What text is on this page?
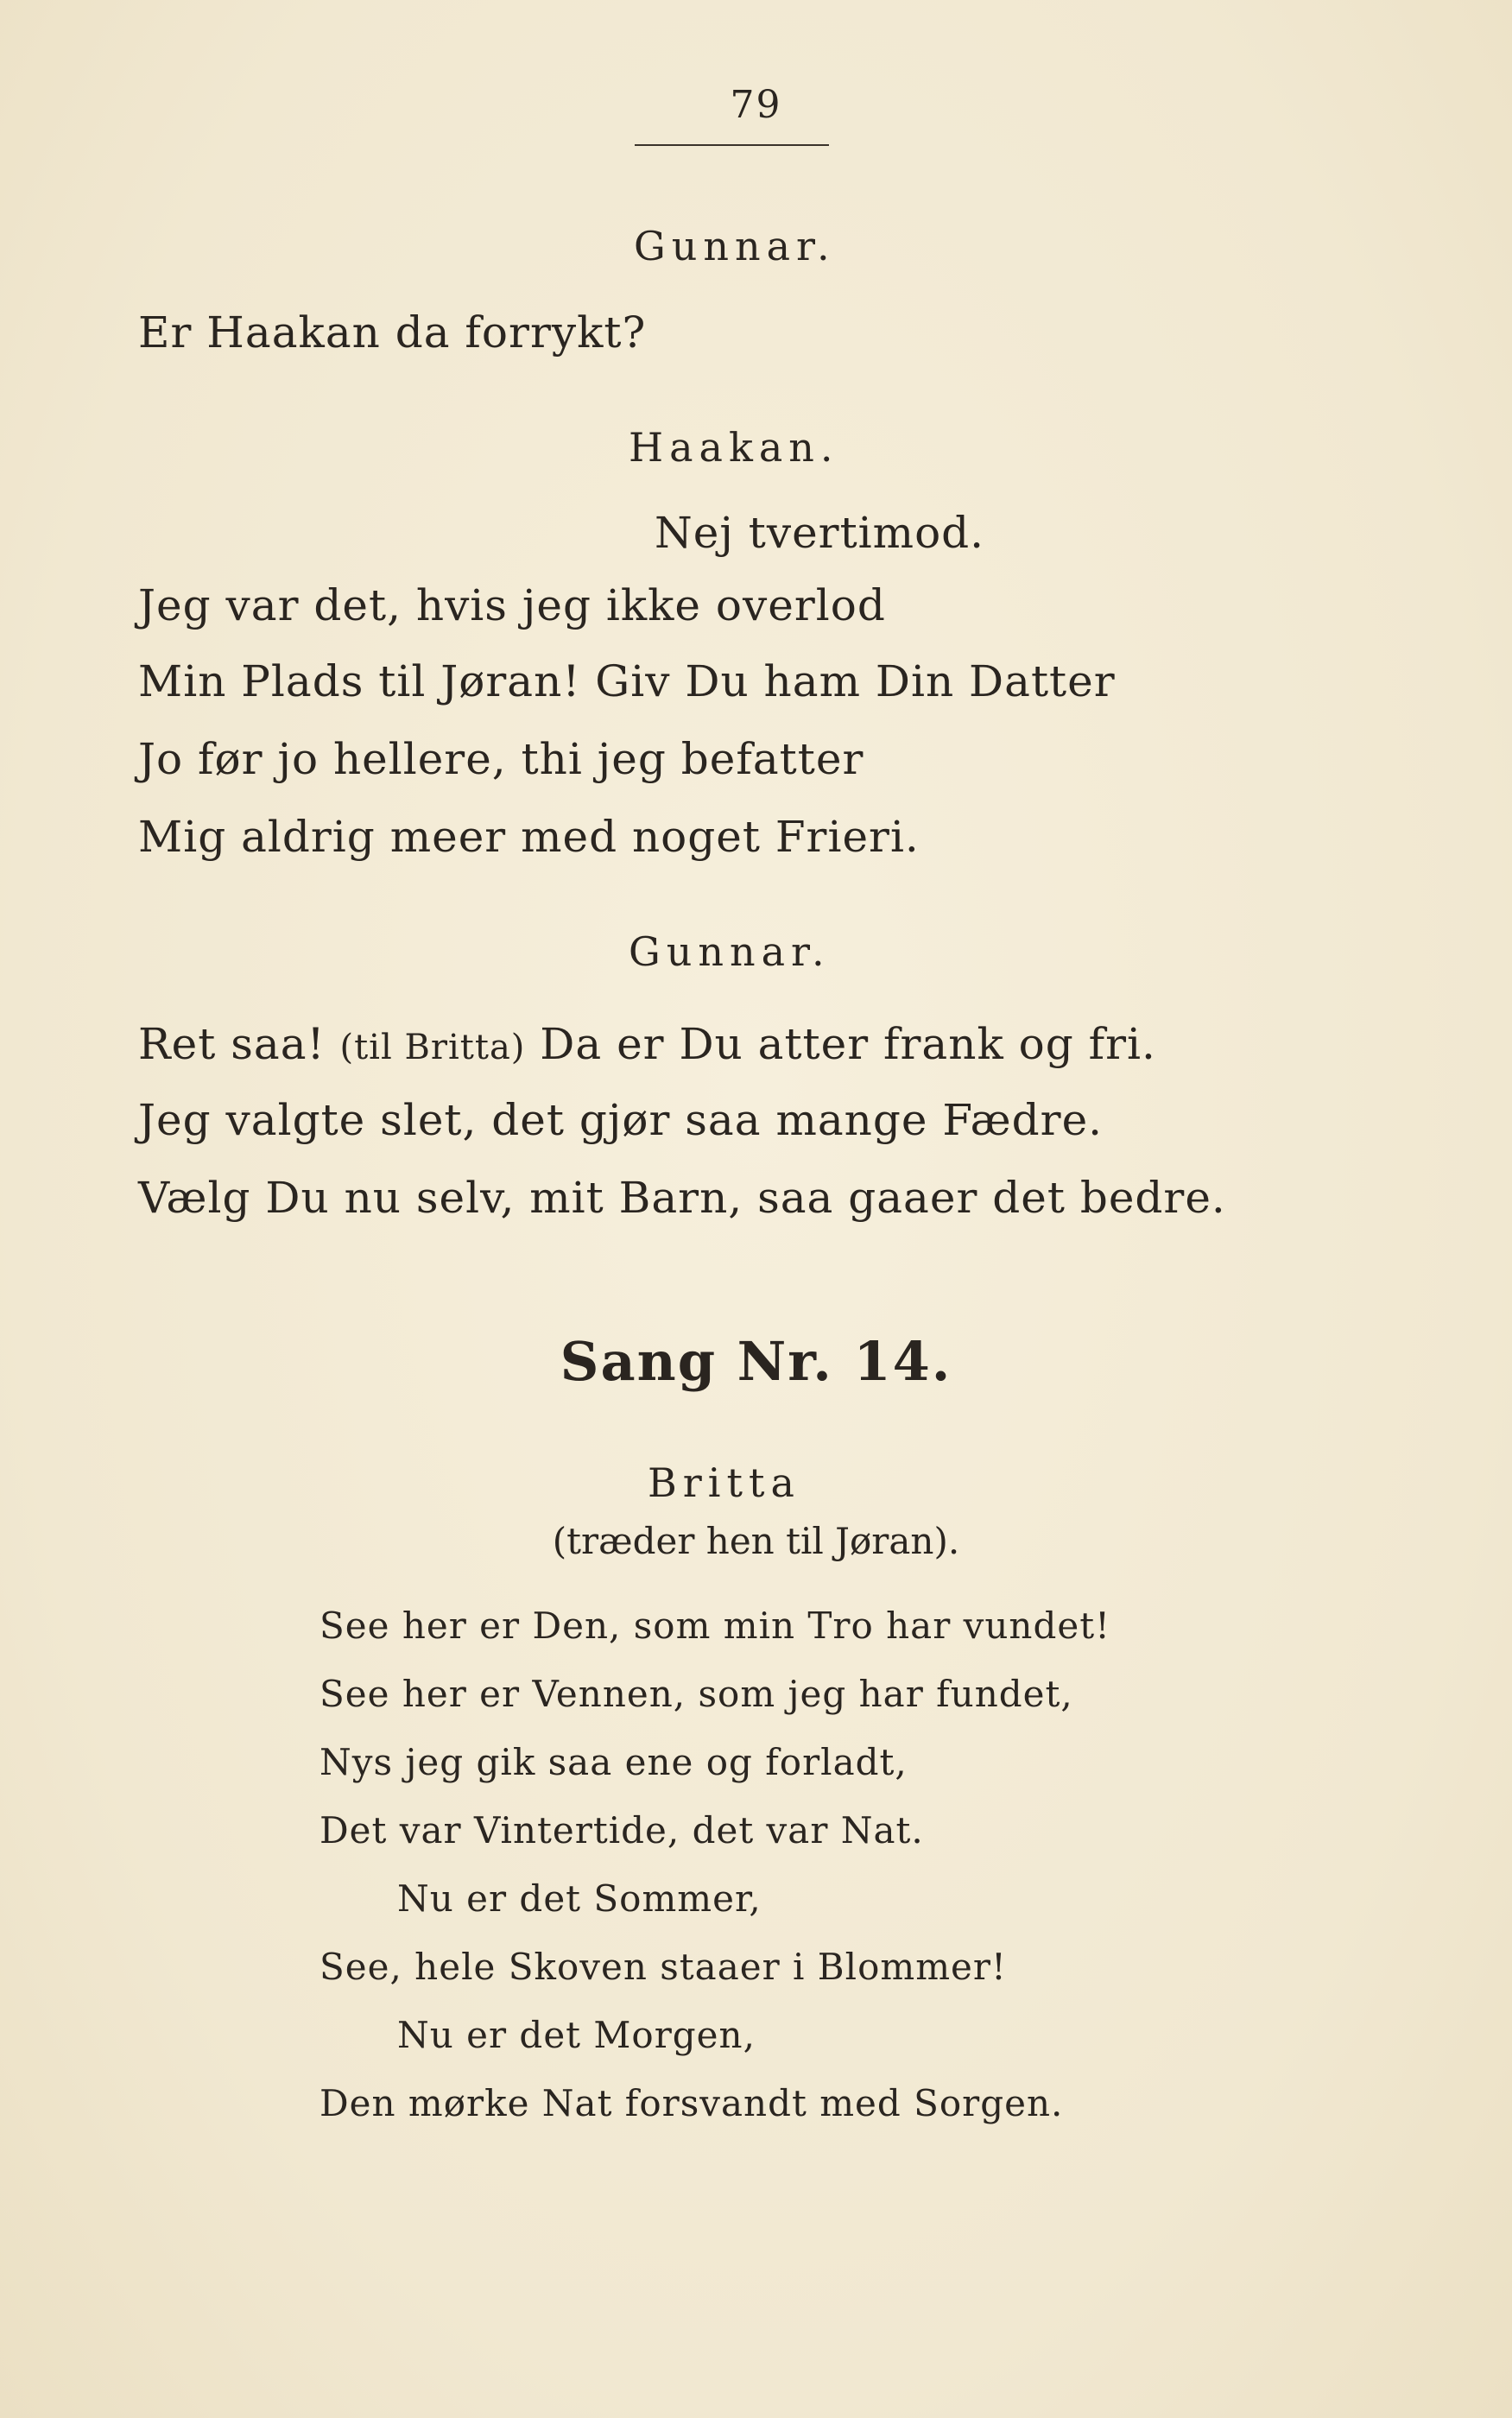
79
Gunnar.
Er Haakan da forrykt?
Haakan.
Nej tvertimod.
Jeg var det, hvis jeg ikke overlod
Min Plads til Jøran! Giv Du ham Din Datter
Jo før jo hellere, thi jeg befatter
Mig aldrig meer med noget Frieri.
Gunnar.
Ret saa! (til Britta) Da er Du atter frank og fri.
Jeg valgte slet, det gjør saa mange Fædre.
Vælg Du nu selv, mit Barn, saa gaaer det bedre.
Sang Nr. 14.
Britta
(træder hen til Jøran).
See her er Den, som min Tro har vundet!
See her er Vennen, som jeg har fundet,
Nys jeg gik saa ene og forladt,
Det var Vintertide, det var Nat.
Nu er det Sommer,
See, hele Skoven staaer i Blommer!
Nu er det Morgen,
Den mørke Nat forsvandt med Sorgen.
